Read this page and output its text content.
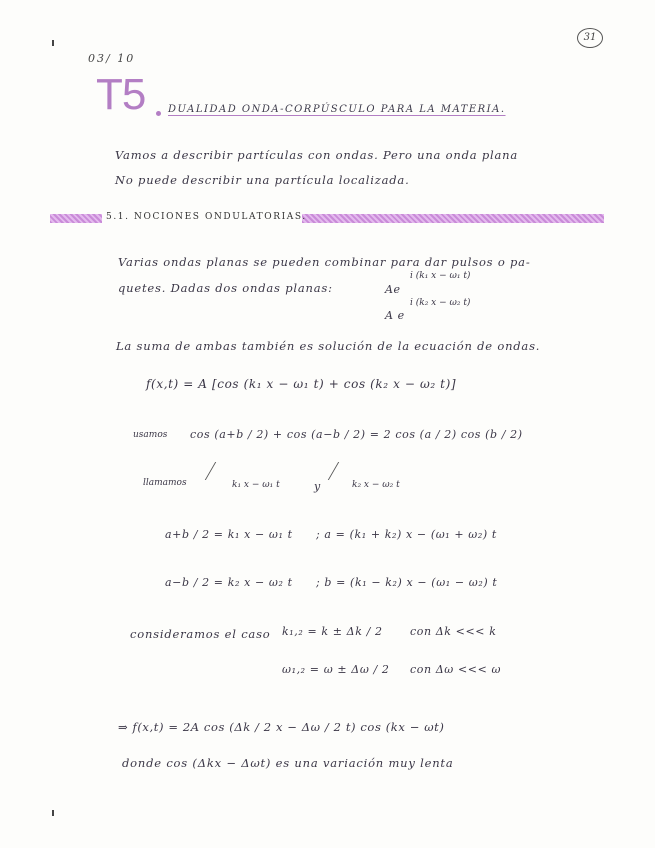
31
03/ 10
T5 DUALIDAD ONDA-CORPÚSCULO PARA LA MATERIA.
Vamos a describir partículas con ondas. Pero una onda plana
No puede describir una partícula localizada.
5.1. NOCIONES ONDULATORIAS.
Varias ondas planas se pueden combinar para dar pulsos o pa-
quetes. Dadas dos ondas planas:	Ae
i (k₁ x − ω₁ t)
A e
i (k₂ x − ω₂ t)
La suma de ambas también es solución de la ecuación de ondas.
f(x,t) = A [cos (k₁ x − ω₁ t) + cos (k₂ x − ω₂ t)]
usamos cos (a+b / 2) + cos (a−b / 2) = 2 cos (a / 2) cos (b / 2)
llamamos	k₁ x − ω₁ t	y	k₂ x − ω₂ t
a+b / 2 = k₁ x − ω₁ t ; a = (k₁ + k₂) x − (ω₁ + ω₂) t
a−b / 2 = k₂ x − ω₂ t ; b = (k₁ − k₂) x − (ω₁ − ω₂) t
consideramos el caso k₁,₂ = k ± Δk / 2 con Δk <<< k
ω₁,₂ = ω ± Δω / 2 con Δω <<< ω
⇒ f(x,t) = 2A cos (Δk / 2 x − Δω / 2 t) cos (kx − ωt)
donde cos (Δkx − Δωt) es una variación muy lenta
